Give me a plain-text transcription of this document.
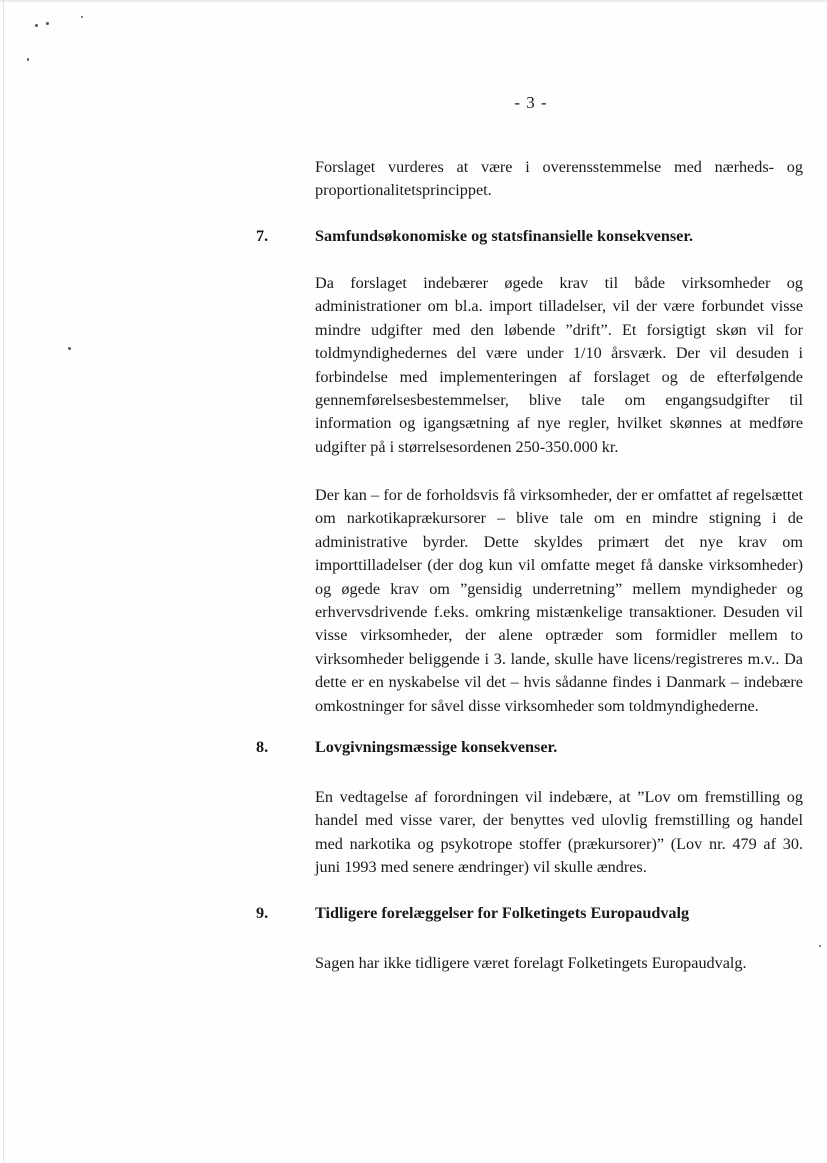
- 3 -

Forslaget vurderes at være i overensstemmelse med nærheds- og proportionalitetsprincippet.

7.	Samfundsøkonomiske og statsfinansielle konsekvenser.

Da forslaget indebærer øgede krav til både virksomheder og administrationer om bl.a. import tilladelser, vil der være forbundet visse mindre udgifter med den løbende ”drift”. Et forsigtigt skøn vil for toldmyndighedernes del være under 1/10 årsværk. Der vil desuden i forbindelse med implementeringen af forslaget og de efterfølgende gennemførelsesbestemmelser, blive tale om engangsudgifter til information og igangsætning af nye regler, hvilket skønnes at medføre udgifter på i størrelsesordenen 250-350.000 kr.

Der kan – for de forholdsvis få virksomheder, der er omfattet af regelsættet om narkotikaprækursorer – blive tale om en mindre stigning i de administrative byrder. Dette skyldes primært det nye krav om importtilladelser (der dog kun vil omfatte meget få danske virksomheder) og øgede krav om ”gensidig underretning” mellem myndigheder og erhvervsdrivende f.eks. omkring mistænkelige transaktioner. Desuden vil visse virksomheder, der alene optræder som formidler mellem to virksomheder beliggende i 3. lande, skulle have licens/registreres m.v.. Da dette er en nyskabelse vil det – hvis sådanne findes i Danmark – indebære omkostninger for såvel disse virksomheder som toldmyndighederne.

8.	Lovgivningsmæssige konsekvenser.

En vedtagelse af forordningen vil indebære, at ”Lov om fremstilling og handel med visse varer, der benyttes ved ulovlig fremstilling og handel med narkotika og psykotrope stoffer (prækursorer)” (Lov nr. 479 af 30. juni 1993 med senere ændringer) vil skulle ændres.

9.	Tidligere forelæggelser for Folketingets Europaudvalg

Sagen har ikke tidligere været forelagt Folketingets Europaudvalg.
